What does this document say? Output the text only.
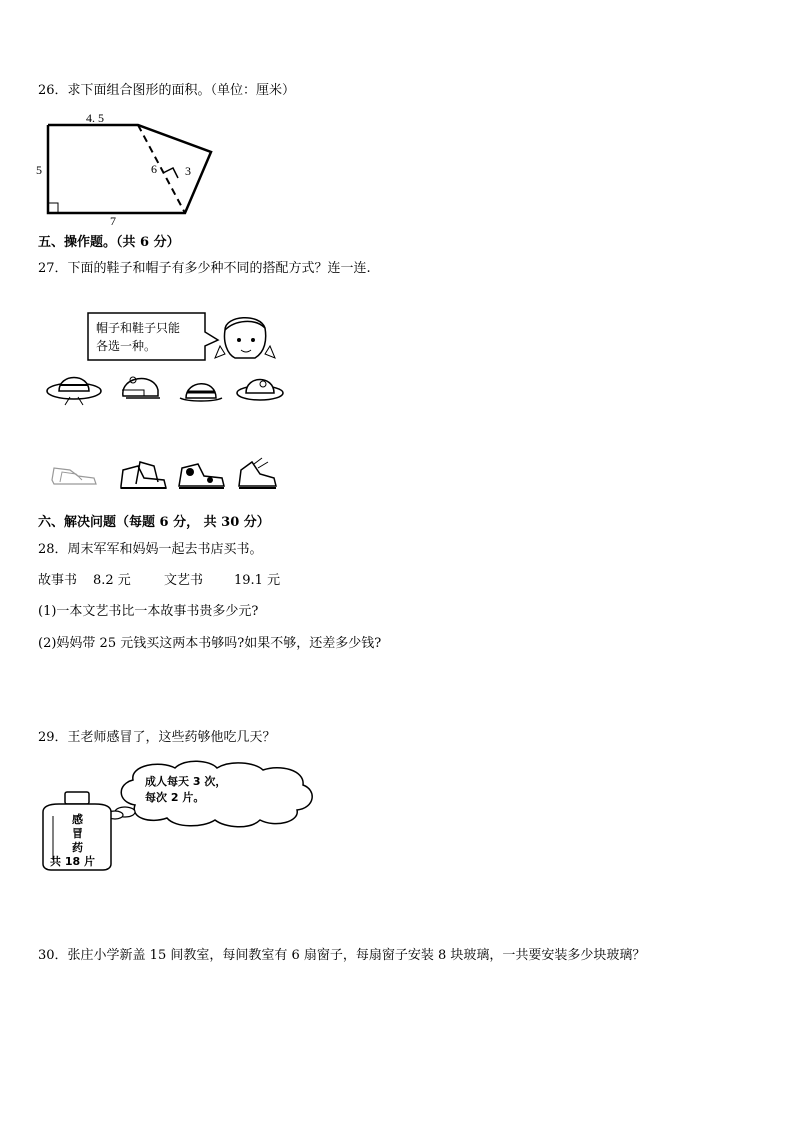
26．求下面组合图形的面积。（单位：厘米）
4. 5
5
7
6 3
五、操作题。（共 6 分）
27．下面的鞋子和帽子有多少种不同的搭配方式？连一连.
帽子和鞋子只能
各选一种。
六、解决问题（每题 6 分， 共 30 分）
28．周末军军和妈妈一起去书店买书。
故事书 8.2 元	文艺书 19.1 元
(1)一本文艺书比一本故事书贵多少元?
(2)妈妈带 25 元钱买这两本书够吗?如果不够，还差多少钱?
29．王老师感冒了，这些药够他吃几天？
成人每天 3 次，
每次 2 片。
感
冒
药
共 18 片
30．张庄小学新盖 15 间教室，每间教室有 6 扇窗子，每扇窗子安装 8 块玻璃，一共要安装多少块玻璃？
